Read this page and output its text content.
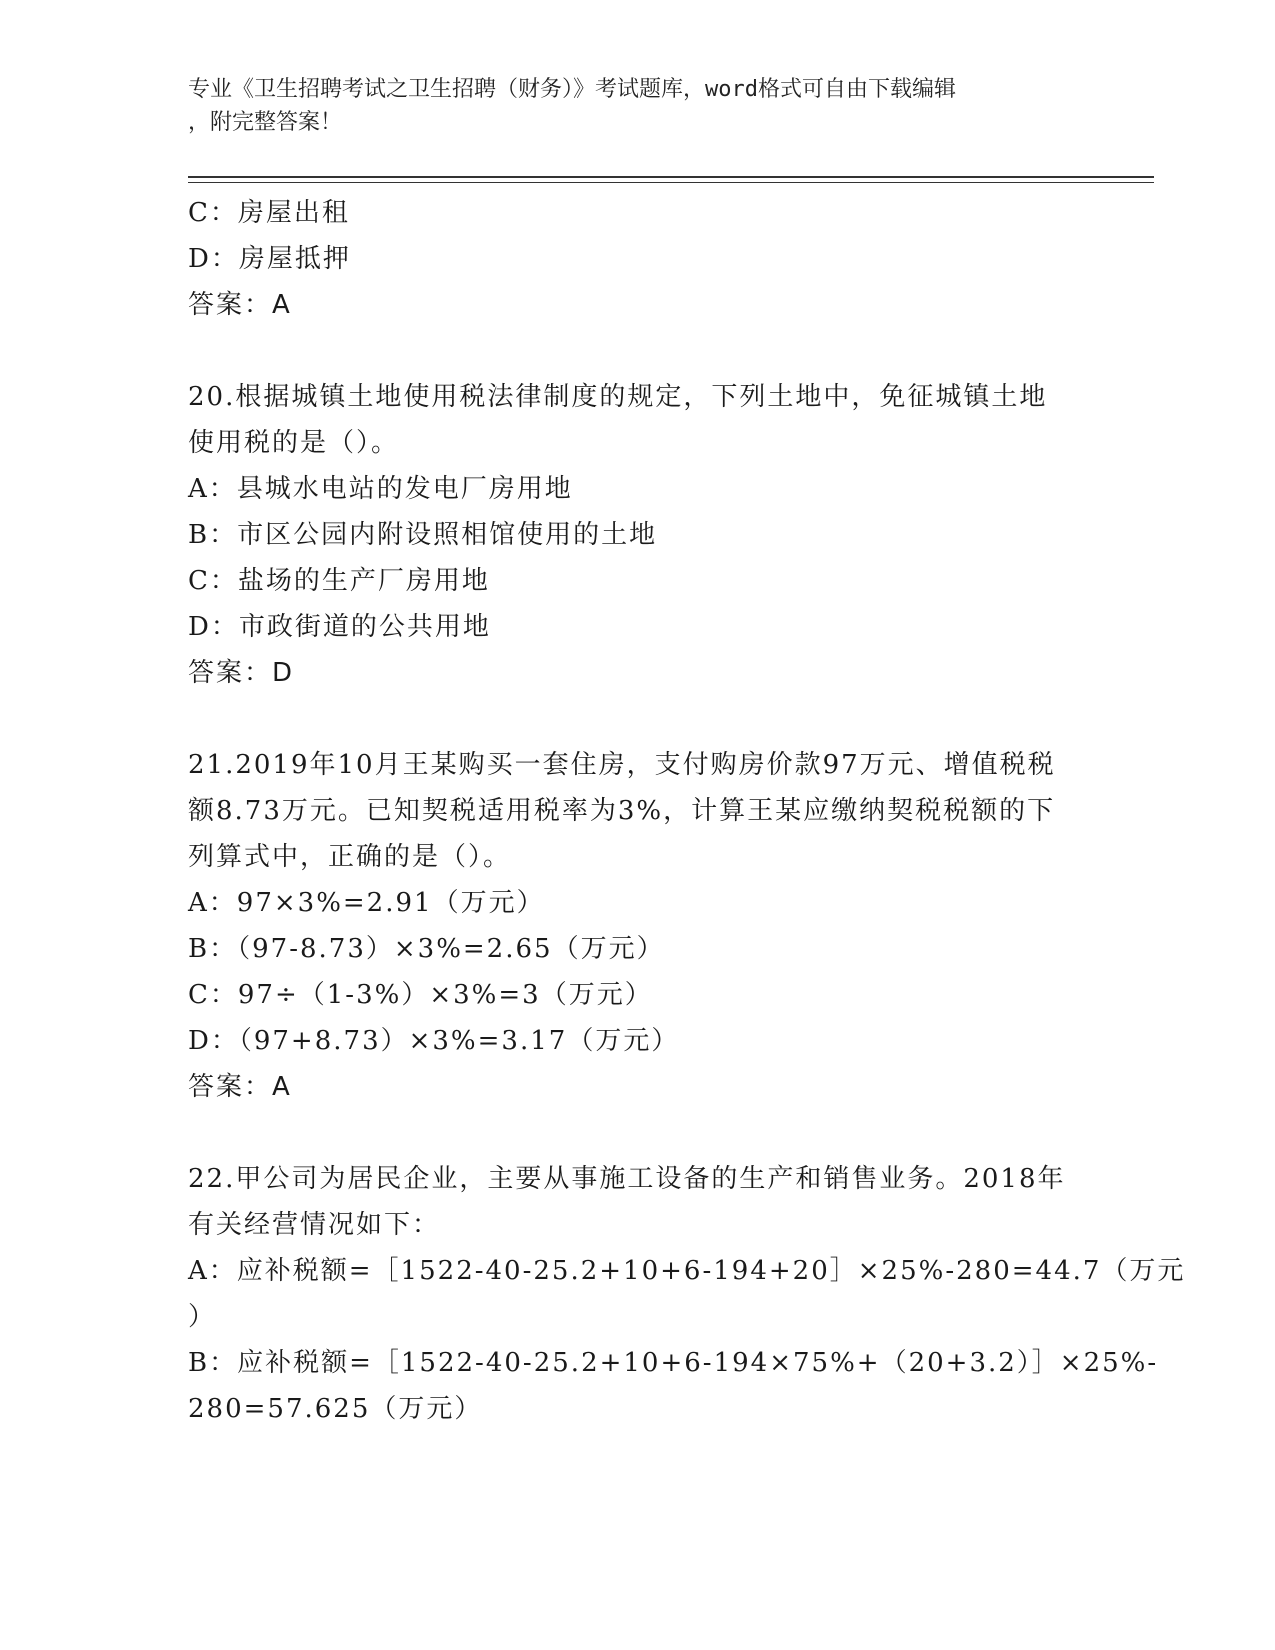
专业《卫生招聘考试之卫生招聘（财务）》考试题库，word格式可自由下载编辑
，附完整答案！
C：房屋出租
D：房屋抵押
答案：A
20.根据城镇土地使用税法律制度的规定，下列土地中，免征城镇土地
使用税的是（）。
A：县城水电站的发电厂房用地
B：市区公园内附设照相馆使用的土地
C：盐场的生产厂房用地
D：市政街道的公共用地
答案：D
21.2019年10月王某购买一套住房，支付购房价款97万元、增值税税
额8.73万元。已知契税适用税率为3%，计算王某应缴纳契税税额的下
列算式中，正确的是（）。
A：97×3%=2.91（万元）
B：（97-8.73）×3%=2.65（万元）
C：97÷（1-3%）×3%=3（万元）
D：（97+8.73）×3%=3.17（万元）
答案：A
22.甲公司为居民企业，主要从事施工设备的生产和销售业务。2018年
有关经营情况如下：
A：应补税额=［1522-40-25.2+10+6-194+20］×25%-280=44.7（万元
）
B：应补税额=［1522-40-25.2+10+6-194×75%+（20+3.2）］×25%-
280=57.625（万元）
